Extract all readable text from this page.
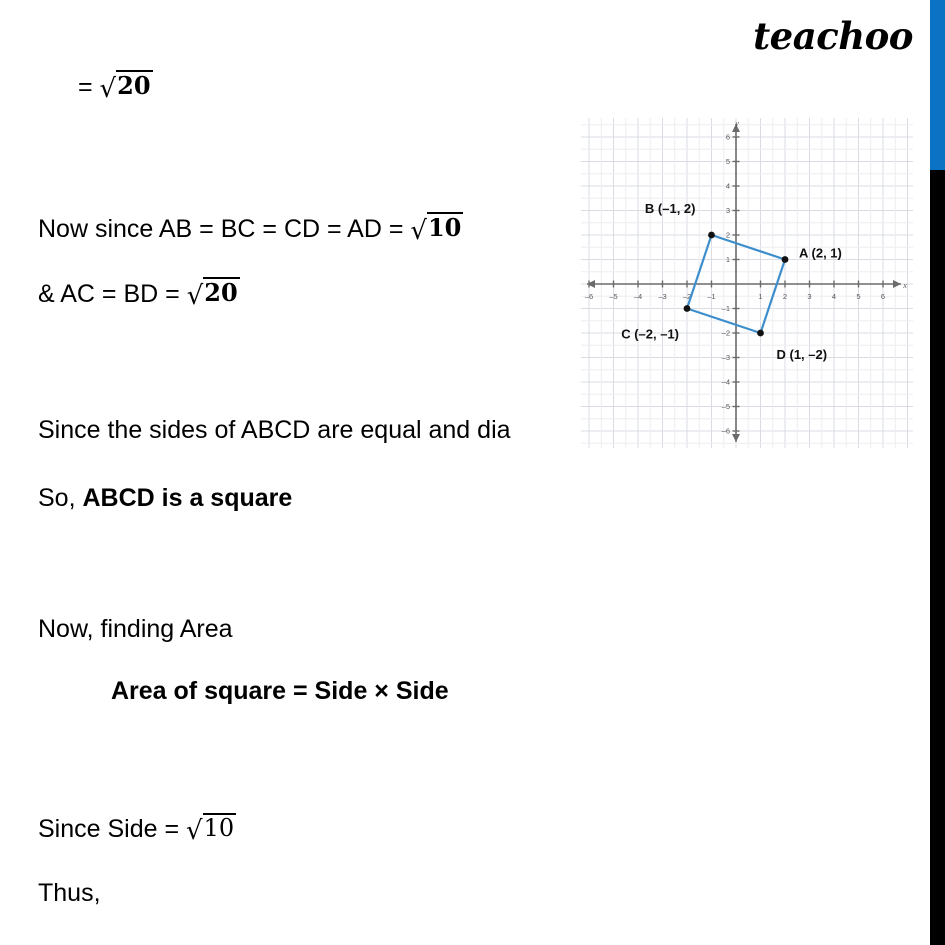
teachoo
= √20
Now since AB = BC = CD = AD = √10
& AC = BD = √20
Since the sides of ABCD are equal and dia
So, ABCD is a square
Now, finding Area
Area of square = Side × Side
Since Side = √10
Thus,
–6 –5 –4 –3 –2 –1	1	2	3	4	5	6
6
5
4
3
2
1
–1
–2
–3
–4
–5
–6
A (2, 1)
B (–1, 2)
C (–2, –1)
D (1, –2)
x
y
